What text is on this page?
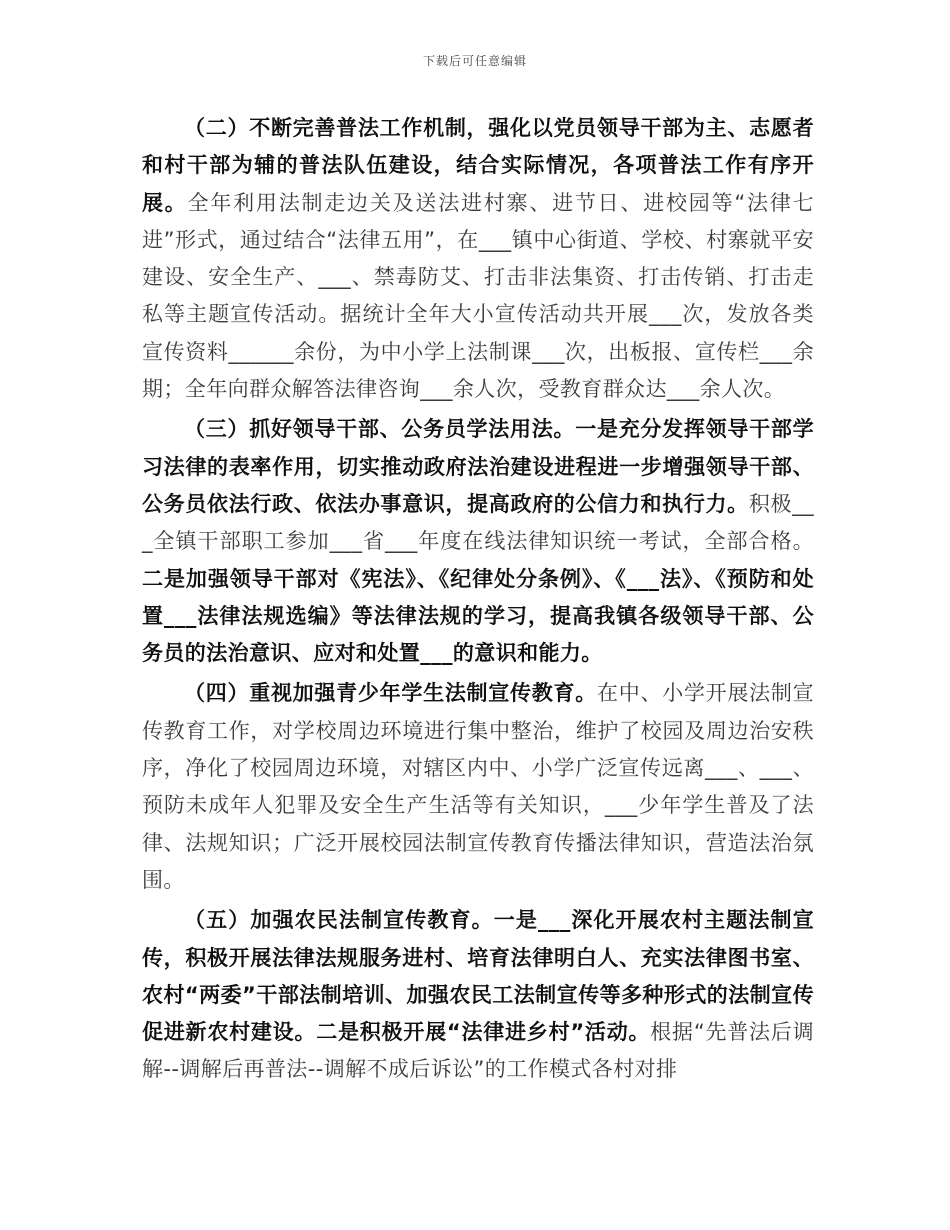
下载后可任意编辑

（二）不断完善普法工作机制，强化以党员领导干部为主、志愿者和村干部为辅的普法队伍建设，结合实际情况，各项普法工作有序开展。全年利用法制走边关及送法进村寨、进节日、进校园等“法律七进”形式，通过结合“法律五用”，在___镇中心街道、学校、村寨就平安建设、安全生产、___、禁毒防艾、打击非法集资、打击传销、打击走私等主题宣传活动。据统计全年大小宣传活动共开展___次，发放各类宣传资料______余份，为中小学上法制课___次，出板报、宣传栏___余期；全年向群众解答法律咨询___余人次，受教育群众达___余人次。

（三）抓好领导干部、公务员学法用法。一是充分发挥领导干部学习法律的表率作用，切实推动政府法治建设进程进一步增强领导干部、公务员依法行政、依法办事意识，提高政府的公信力和执行力。积极___全镇干部职工参加___省___年度在线法律知识统一考试，全部合格。二是加强领导干部对《宪法》、《纪律处分条例》、《___法》、《预防和处置___法律法规选编》等法律法规的学习，提高我镇各级领导干部、公务员的法治意识、应对和处置___的意识和能力。

（四）重视加强青少年学生法制宣传教育。在中、小学开展法制宣传教育工作，对学校周边环境进行集中整治，维护了校园及周边治安秩序，净化了校园周边环境，对辖区内中、小学广泛宣传远离___、___、预防未成年人犯罪及安全生产生活等有关知识，___少年学生普及了法律、法规知识；广泛开展校园法制宣传教育传播法律知识，营造法治氛围。

（五）加强农民法制宣传教育。一是___深化开展农村主题法制宣传，积极开展法律法规服务进村、培育法律明白人、充实法律图书室、农村“两委”干部法制培训、加强农民工法制宣传等多种形式的法制宣传促进新农村建设。二是积极开展“法律进乡村”活动。根据“先普法后调解--调解后再普法--调解不成后诉讼”的工作模式各村对排
